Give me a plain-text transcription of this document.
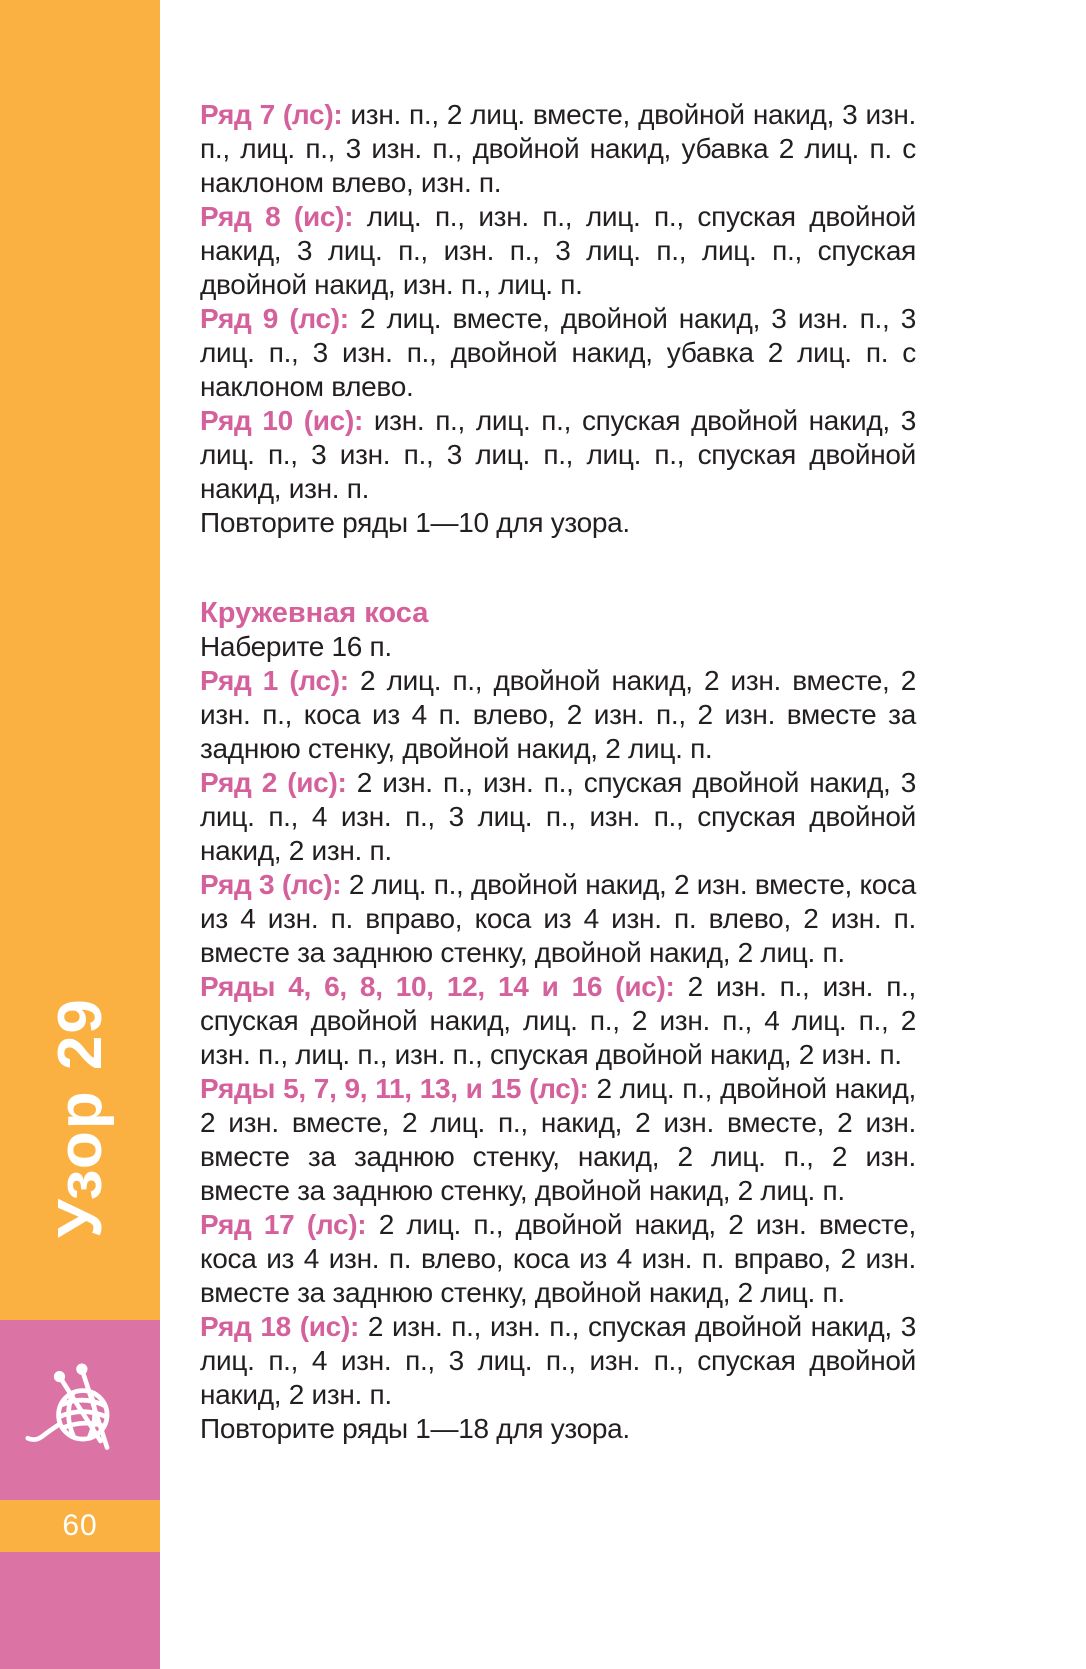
Узор 29
60

Ряд 7 (лс): изн. п., 2 лиц. вместе, двойной накид, 3 изн. п., лиц. п., 3 изн. п., двойной накид, убавка 2 лиц. п. с наклоном влево, изн. п.

Ряд 8 (ис): лиц. п., изн. п., лиц. п., спуская двойной накид, 3 лиц. п., изн. п., 3 лиц. п., лиц. п., спуская двойной накид, изн. п., лиц. п.

Ряд 9 (лс): 2 лиц. вместе, двойной накид, 3 изн. п., 3 лиц. п., 3 изн. п., двойной накид, убавка 2 лиц. п. с наклоном влево.

Ряд 10 (ис): изн. п., лиц. п., спуская двойной накид, 3 лиц. п., 3 изн. п., 3 лиц. п., лиц. п., спуская двойной накид, изн. п.

Повторите ряды 1—10 для узора.

Кружевная коса

Наберите 16 п.

Ряд 1 (лс): 2 лиц. п., двойной накид, 2 изн. вместе, 2 изн. п., коса из 4 п. влево, 2 изн. п., 2 изн. вместе за заднюю стенку, двойной накид, 2 лиц. п.

Ряд 2 (ис): 2 изн. п., изн. п., спуская двойной накид, 3 лиц. п., 4 изн. п., 3 лиц. п., изн. п., спуская двойной накид, 2 изн. п.

Ряд 3 (лс): 2 лиц. п., двойной накид, 2 изн. вместе, коса из 4 изн. п. вправо, коса из 4 изн. п. влево, 2 изн. п. вместе за заднюю стенку, двойной накид, 2 лиц. п.

Ряды 4, 6, 8, 10, 12, 14 и 16 (ис): 2 изн. п., изн. п., спуская двойной накид, лиц. п., 2 изн. п., 4 лиц. п., 2 изн. п., лиц. п., изн. п., спуская двойной накид, 2 изн. п.

Ряды 5, 7, 9, 11, 13, и 15 (лс): 2 лиц. п., двойной накид, 2 изн. вместе, 2 лиц. п., накид, 2 изн. вместе, 2 изн. вместе за заднюю стенку, накид, 2 лиц. п., 2 изн. вместе за заднюю стенку, двойной накид, 2 лиц. п.

Ряд 17 (лс): 2 лиц. п., двойной накид, 2 изн. вместе, коса из 4 изн. п. влево, коса из 4 изн. п. вправо, 2 изн. вместе за заднюю стенку, двойной накид, 2 лиц. п.

Ряд 18 (ис): 2 изн. п., изн. п., спуская двойной накид, 3 лиц. п., 4 изн. п., 3 лиц. п., изн. п., спуская двойной накид, 2 изн. п.

Повторите ряды 1—18 для узора.
